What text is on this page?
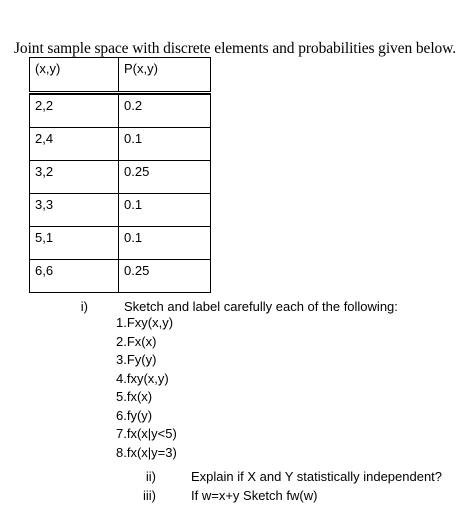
Joint sample space with discrete elements and probabilities given below.
(x,y)	P(x,y)

2,2	0.2
2,4	0.1
3,2	0.25
3,3	0.1
5,1	0.1
6,6	0.25
i)	Sketch and label carefully each of the following:
1.Fxy(x,y)
2.Fx(x)
3.Fy(y)
4.fxy(x,y)
5.fx(x)
6.fy(y)
7.fx(x|y<5)
8.fx(x|y=3)
ii)	Explain if X and Y statistically independent?
iii)	If w=x+y Sketch fw(w)
